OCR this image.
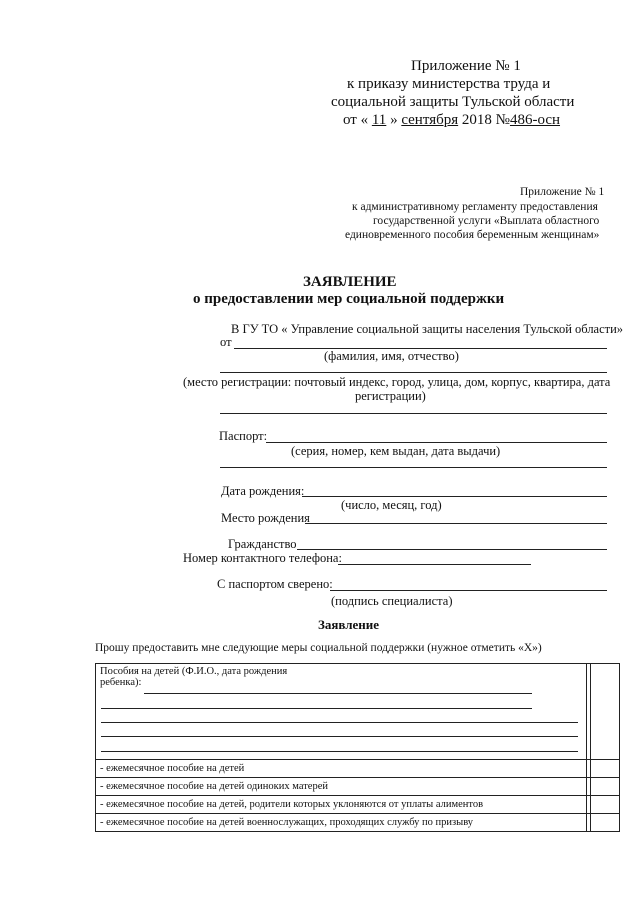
Приложение № 1
к приказу министерства труда и
социальной защиты Тульской области
от « 11 » сентября 2018 №486-осн
Приложение № 1
к административному регламенту предоставления
государственной услуги «Выплата областного
единовременного пособия беременным женщинам»
ЗАЯВЛЕНИЕ
о предоставлении мер социальной поддержки
В ГУ ТО « Управление социальной защиты населения Тульской области»
от
(фамилия, имя, отчество)
(место регистрации: почтовый индекс, город, улица, дом, корпус, квартира, дата
регистрации)
Паспорт:
(серия, номер, кем выдан, дата выдачи)
Дата рождения:
(число, месяц, год)
Место рождения
Гражданство
Номер контактного телефона:
С паспортом сверено:
(подпись специалиста)
Заявление
Прошу предоставить мне следующие меры социальной поддержки (нужное отметить «Х»)
Пособия на детей (Ф.И.О., дата рождения
ребенка):		

- ежемесячное пособие на детей		
- ежемесячное пособие на детей одиноких матерей		
- ежемесячное пособие на детей, родители которых уклоняются от уплаты алиментов		
- ежемесячное пособие на детей военнослужащих, проходящих службу по призыву		
